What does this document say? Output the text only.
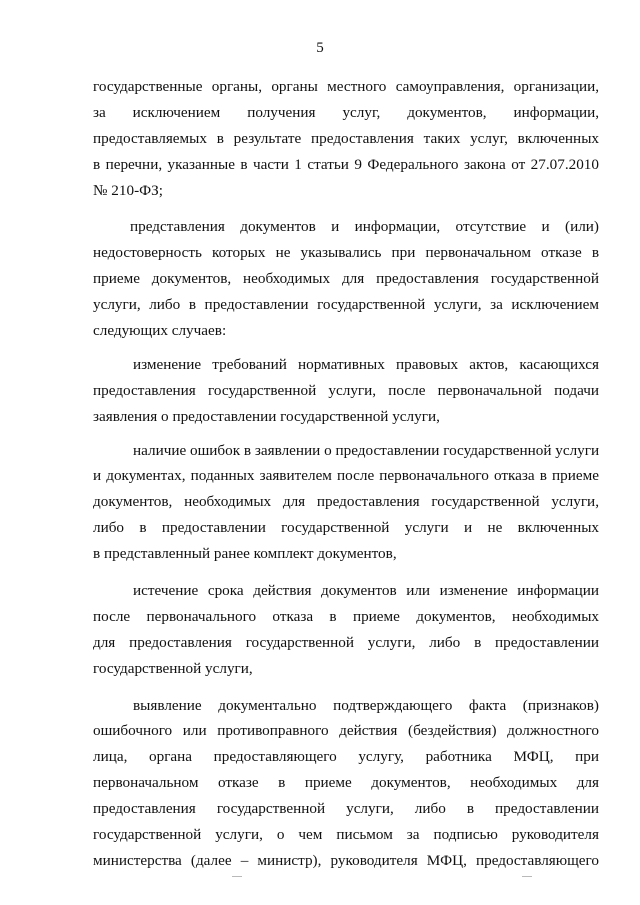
5
государственные органы, органы местного самоуправления, организации,
за исключением получения услуг, документов, информации,
предоставляемых в результате предоставления таких услуг, включенных
в перечни, указанные в части 1 статьи 9 Федерального закона от 27.07.2010
№ 210-ФЗ;
представления документов и информации, отсутствие и (или)
недостоверность которых не указывались при первоначальном отказе в
приеме документов, необходимых для предоставления государственной
услуги, либо в предоставлении государственной услуги, за исключением
следующих случаев:
изменение требований нормативных правовых актов, касающихся
предоставления государственной услуги, после первоначальной подачи
заявления о предоставлении государственной услуги,
наличие ошибок в заявлении о предоставлении государственной услуги
и документах, поданных заявителем после первоначального отказа в приеме
документов, необходимых для предоставления государственной услуги,
либо в предоставлении государственной услуги и не включенных
в представленный ранее комплект документов,
истечение срока действия документов или изменение информации
после первоначального отказа в приеме документов, необходимых
для предоставления государственной услуги, либо в предоставлении
государственной услуги,
выявление документально подтверждающего факта (признаков)
ошибочного или противоправного действия (бездействия) должностного
лица, органа предоставляющего услугу, работника МФЦ, при
первоначальном отказе в приеме документов, необходимых для
предоставления государственной услуги, либо в предоставлении
государственной услуги, о чем письмом за подписью руководителя
министерства (далее – министр), руководителя МФЦ, предоставляющего
